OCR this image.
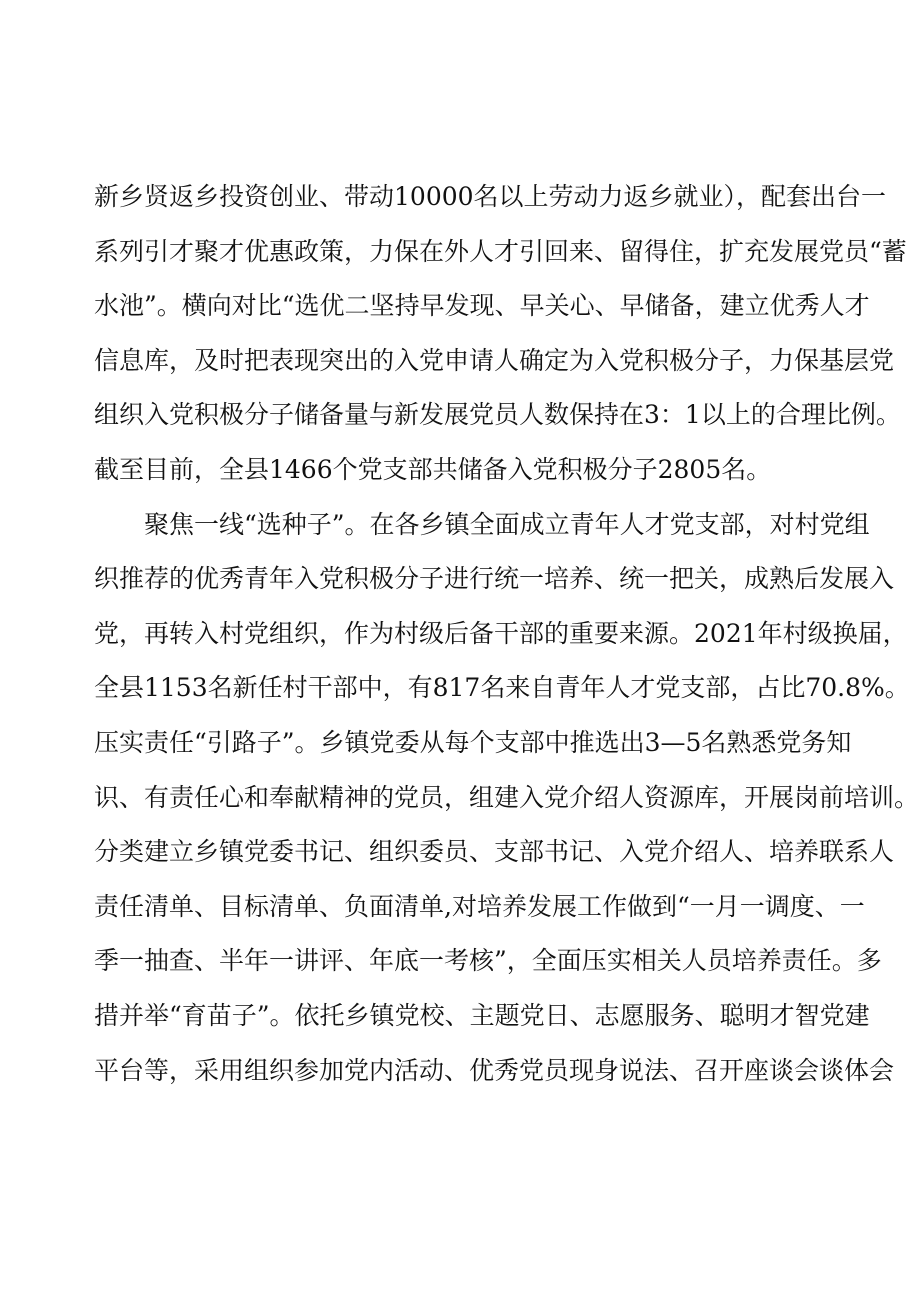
新乡贤返乡投资创业、带动10000名以上劳动力返乡就业），配套出台一
系列引才聚才优惠政策，力保在外人才引回来、留得住，扩充发展党员“蓄
水池”。横向对比“选优二坚持早发现、早关心、早储备，建立优秀人才
信息库，及时把表现突出的入党申请人确定为入党积极分子，力保基层党
组织入党积极分子储备量与新发展党员人数保持在3：1以上的合理比例。
截至目前，全县1466个党支部共储备入党积极分子2805名。
聚焦一线“选种子”。在各乡镇全面成立青年人才党支部，对村党组
织推荐的优秀青年入党积极分子进行统一培养、统一把关，成熟后发展入
党，再转入村党组织，作为村级后备干部的重要来源。2021年村级换届，
全县1153名新任村干部中，有817名来自青年人才党支部，占比70.8%。
压实责任“引路子”。乡镇党委从每个支部中推选出3—5名熟悉党务知
识、有责任心和奉献精神的党员，组建入党介绍人资源库，开展岗前培训。
分类建立乡镇党委书记、组织委员、支部书记、入党介绍人、培养联系人
责任清单、目标清单、负面清单,对培养发展工作做到“一月一调度、一
季一抽查、半年一讲评、年底一考核”，全面压实相关人员培养责任。多
措并举“育苗子”。依托乡镇党校、主题党日、志愿服务、聪明才智党建
平台等，采用组织参加党内活动、优秀党员现身说法、召开座谈会谈体会
